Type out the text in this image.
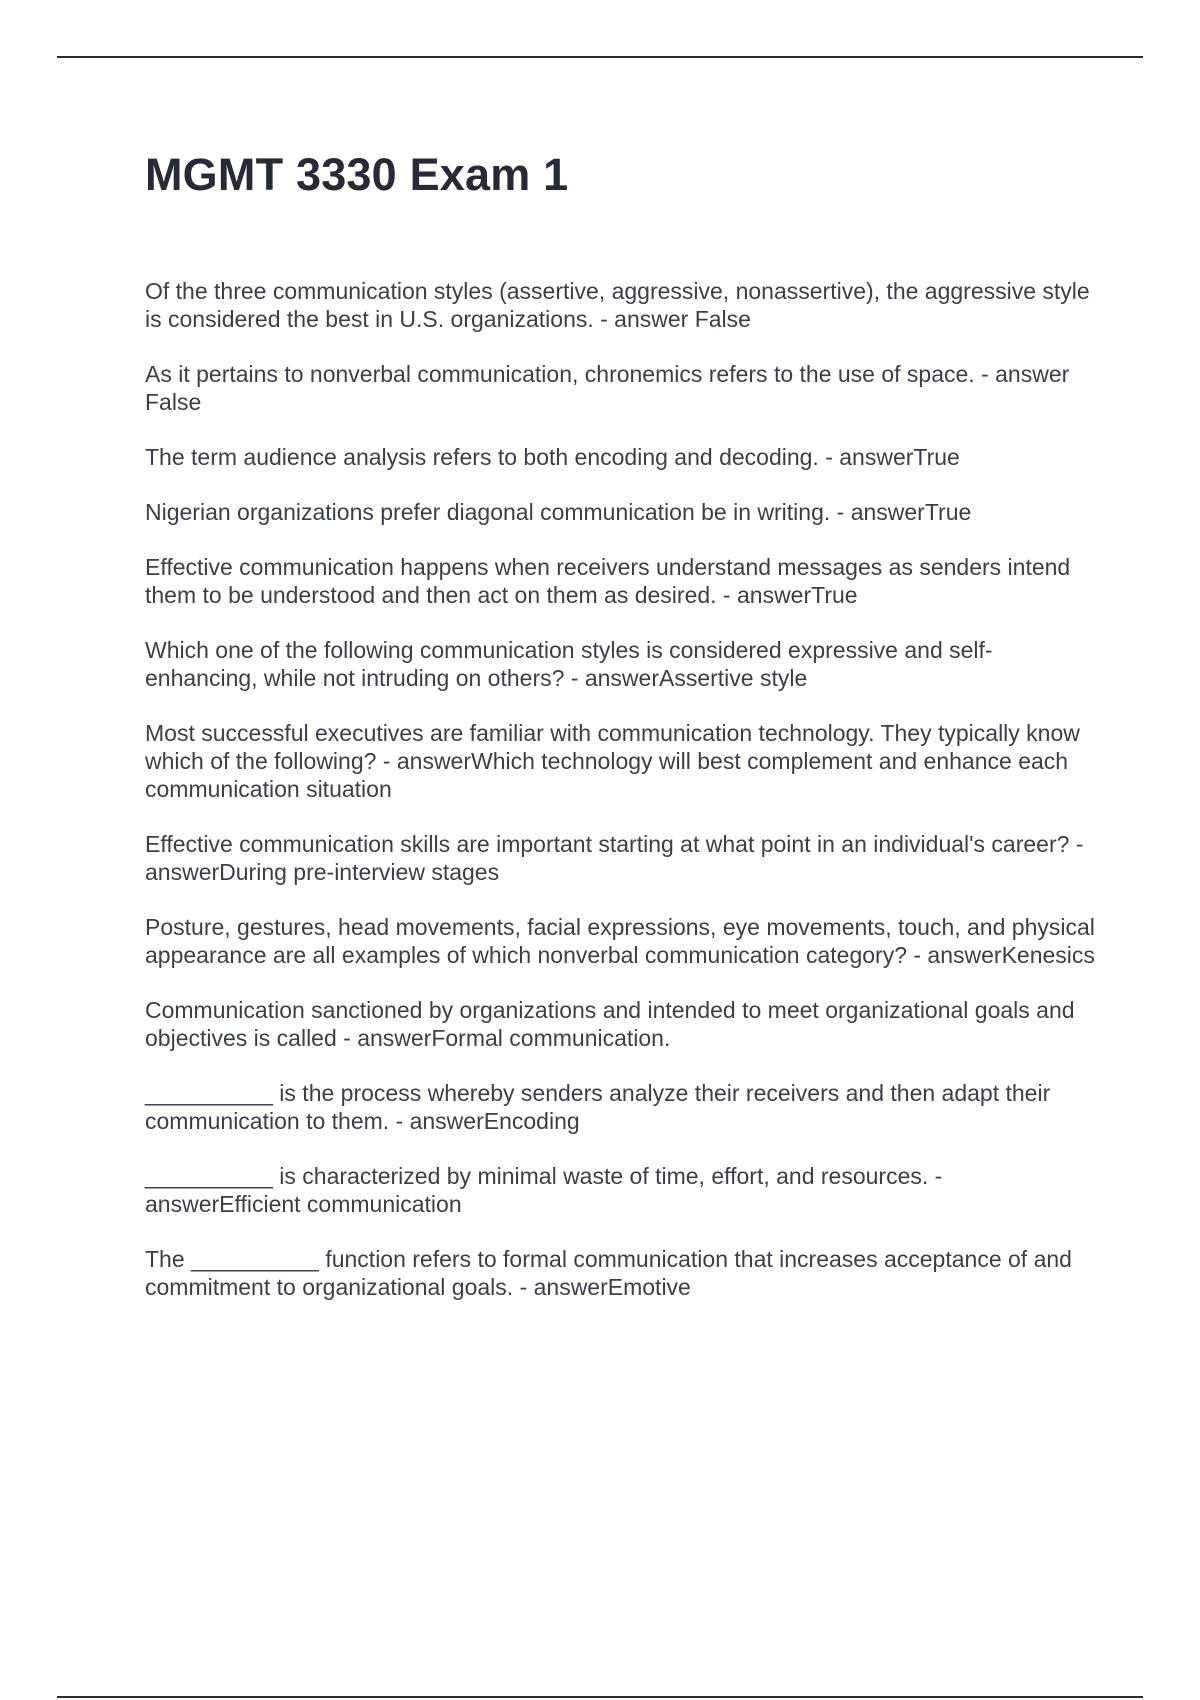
MGMT 3330 Exam 1

Of the three communication styles (assertive, aggressive, nonassertive), the aggressive style is considered the best in U.S. organizations. - answer False

As it pertains to nonverbal communication, chronemics refers to the use of space. - answer False

The term audience analysis refers to both encoding and decoding. - answerTrue

Nigerian organizations prefer diagonal communication be in writing. - answerTrue

Effective communication happens when receivers understand messages as senders intend them to be understood and then act on them as desired. - answerTrue

Which one of the following communication styles is considered expressive and self-enhancing, while not intruding on others? - answerAssertive style

Most successful executives are familiar with communication technology. They typically know which of the following? - answerWhich technology will best complement and enhance each communication situation

Effective communication skills are important starting at what point in an individual's career? - answerDuring pre-interview stages

Posture, gestures, head movements, facial expressions, eye movements, touch, and physical appearance are all examples of which nonverbal communication category? - answerKenesics

Communication sanctioned by organizations and intended to meet organizational goals and objectives is called - answerFormal communication.

__________ is the process whereby senders analyze their receivers and then adapt their communication to them. - answerEncoding

__________ is characterized by minimal waste of time, effort, and resources. - answerEfficient communication

The __________ function refers to formal communication that increases acceptance of and commitment to organizational goals. - answerEmotive
